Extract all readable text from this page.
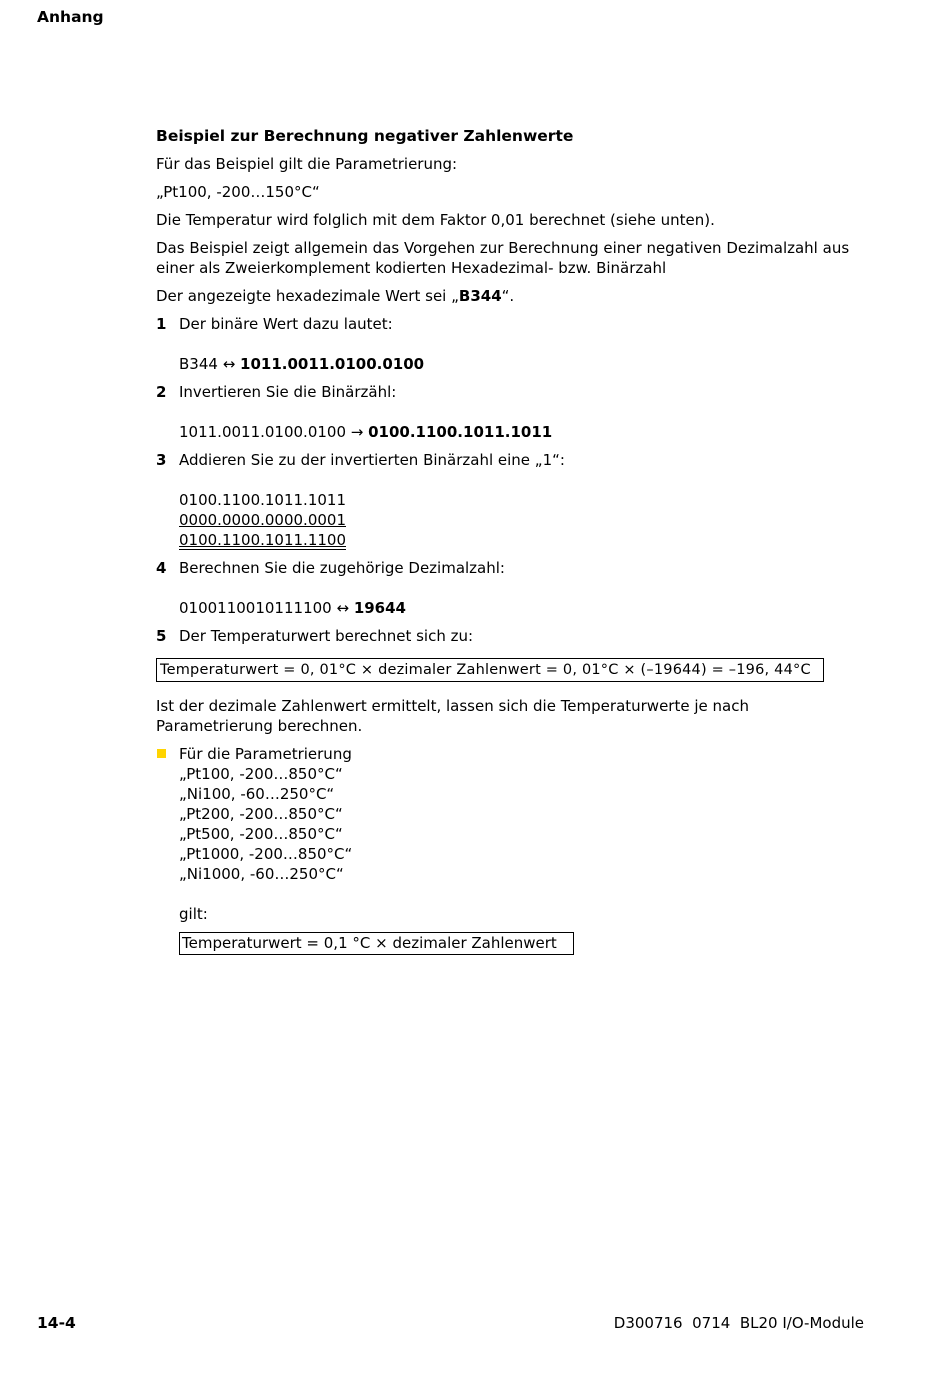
Anhang
Beispiel zur Berechnung negativer Zahlenwerte
Für das Beispiel gilt die Parametrierung:
„Pt100, -200…150°C“
Die Temperatur wird folglich mit dem Faktor 0,01 berechnet (siehe unten).
Das Beispiel zeigt allgemein das Vorgehen zur Berechnung einer negativen Dezimalzahl aus einer als Zweierkomplement kodierten Hexadezimal- bzw. Binärzahl
Der angezeigte hexadezimale Wert sei „B344“.
1 Der binäre Wert dazu lautet:
B344 ↔ 1011.0011.0100.0100
2 Invertieren Sie die Binärzähl:
1011.0011.0100.0100 → 0100.1100.1011.1011
3 Addieren Sie zu der invertierten Binärzahl eine „1“:
0100.1100.1011.1011
0000.0000.0000.0001
0100.1100.1011.1100
4 Berechnen Sie die zugehörige Dezimalzahl:
0100110010111100 ↔ 19644
5 Der Temperaturwert berechnet sich zu:
Temperaturwert = 0, 01°C × dezimaler Zahlenwert = 0, 01°C × (–19644) = –196, 44°C
Ist der dezimale Zahlenwert ermittelt, lassen sich die Temperaturwerte je nach Parametrierung berechnen.
Für die Parametrierung
„Pt100, -200…850°C“
„Ni100, -60…250°C“
„Pt200, -200…850°C“
„Pt500, -200…850°C“
„Pt1000, -200…850°C“
„Ni1000, -60…250°C“
gilt:
Temperaturwert = 0,1 °C × dezimaler Zahlenwert
14-4	D300716  0714  BL20 I/O-Module
